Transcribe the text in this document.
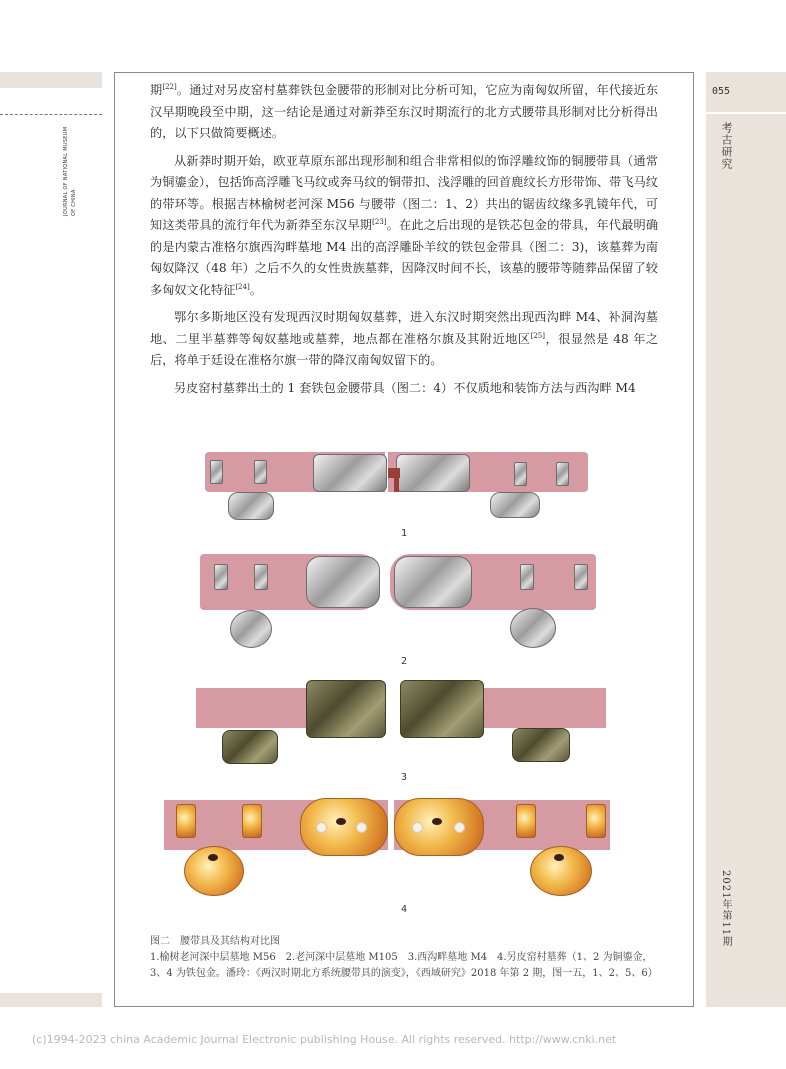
JOURNAL OF NATIONAL MUSEUM OF CHINA
055
考古研究
2021年第11期

期[22]。通过对另皮窑村墓葬铁包金腰带的形制对比分析可知，它应为南匈奴所留，年代接近东汉早期晚段至中期，这一结论是通过对新莽至东汉时期流行的北方式腰带具形制对比分析得出的，以下只做简要概述。

从新莽时期开始，欧亚草原东部出现形制和组合非常相似的饰浮雕纹饰的铜腰带具（通常为铜鎏金），包括饰高浮雕飞马纹或奔马纹的铜带扣、浅浮雕的回首鹿纹长方形带饰、带飞马纹的带环等。根据吉林榆树老河深 M56 与腰带（图二：1、2）共出的锯齿纹缘多乳镜年代，可知这类带具的流行年代为新莽至东汉早期[23]。在此之后出现的是铁芯包金的带具，年代最明确的是内蒙古准格尔旗西沟畔墓地 M4 出的高浮雕卧羊纹的铁包金带具（图二：3)，该墓葬为南匈奴降汉（48 年）之后不久的女性贵族墓葬，因降汉时间不长，该墓的腰带等随葬品保留了较多匈奴文化特征[24]。

鄂尔多斯地区没有发现西汉时期匈奴墓葬，进入东汉时期突然出现西沟畔 M4、补洞沟墓地、二里半墓葬等匈奴墓地或墓葬，地点都在准格尔旗及其附近地区[25]，很显然是 48 年之后，将单于廷设在准格尔旗一带的降汉南匈奴留下的。

另皮窑村墓葬出土的 1 套铁包金腰带具（图二：4）不仅质地和装饰方法与西沟畔 M4

1
2
3
4

图二　腰带具及其结构对比图

1.榆树老河深中层墓地 M56　2.老河深中层墓地 M105　3.西沟畔墓地 M4　4.另皮窑村墓葬（1、2 为铜鎏金，3、4 为铁包金。潘玲：《两汉时期北方系统腰带具的演变》，《西域研究》2018 年第 2 期，图一五，1、2、5、6）

(c)1994-2023 china Academic Journal Electronic publishing House. All rights reserved. http://www.cnki.net
